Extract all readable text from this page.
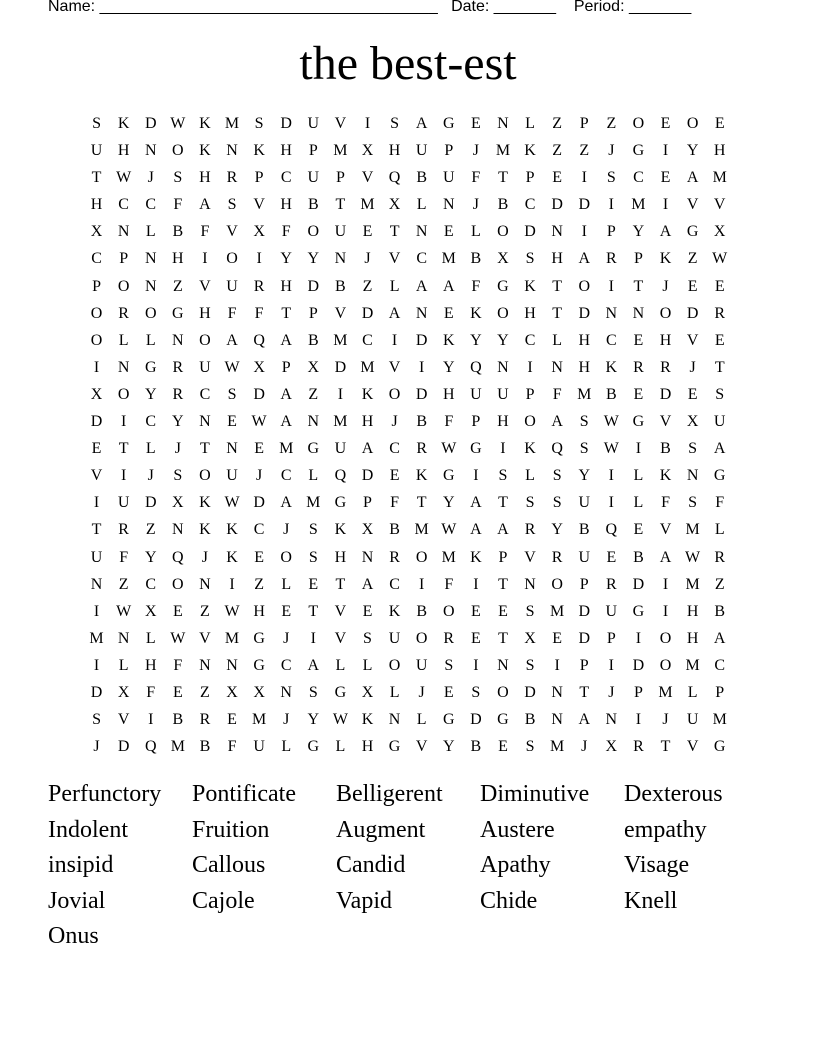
Name: ______________________________________ Date: _______ Period: _______
the best-est
S	K D W K M S	D U V	I	S	A G	E	N	L	Z	P	Z	O	E	O	E
U H N O K N K H	P M X H U	P	J	M K	Z	Z	J	G	I	Y H
T W	J	S	H R	P	C U	P	V Q B U	F	T	P	E	I	S	C	E	A M
H C	C	F	A	S	V H B	T M X	L	N	J	B	C D D	I	M	I	V V
X N	L	B	F	V X	F	O U	E	T	N	E	L	O D N	I	P	Y A G X
C	P	N H	I	O	I	Y Y N	J	V C M B X	S	H A R	P	K	Z W
P	O N	Z	V U R H D B	Z	L	A A	F	G K	T	O	I	T	J	E	E
O R O G H	F	F	T	P	V D A N	E	K O H	T	D N N O D R
O	L	L	N O A Q A B M C	I	D K Y Y C	L	H C	E	H V	E
I	N G R U W X	P	X D M V	I	Y Q N	I	N H K R	R	J	T
X O Y R	C	S	D A	Z	I	K O D H U U	P	F M B	E	D	E	S
D	I	C Y N	E W A N M H	J	B	F	P	H O A	S W G V X U
E	T	L	J	T	N	E M G U A C	R W G	I	K Q	S W	I	B	S	A
V	I	J	S	O U	J	C	L	Q D	E	K G	I	S	L	S	Y	I	L	K N G
I	U D X K W D A M G	P	F	T	Y A	T	S	S	U	I	L	F	S	F
T	R	Z	N K K C	J	S	K X B M W A A R Y B Q	E	V M L
U	F	Y Q	J	K	E	O	S	H N R O M K	P	V R U	E	B A W R
N	Z	C O N	I	Z	L	E	T	A C	I	F	I	T	N O	P	R D	I	M Z
I	W X	E	Z W H	E	T	V	E	K B O	E	E	S M D U G	I	H B
M N	L W V M G	J	I	V	S	U O R	E	T	X	E	D	P	I	O H A
I	L	H	F	N N G C A	L	L	O U	S	I	N	S	I	P	I	D O M C
D X	F	E	Z	X X N	S	G X	L	J	E	S	O D N	T	J	P M L	P
S	V	I	B	R	E M	J	Y W K N	L	G D G B N A N	I	J	U M
J	D Q M B	F	U	L	G	L	H G V Y B	E	S M	J	X R	T	V G
Perfunctory	Pontificate	Belligerent	Diminutive	Dexterous
Indolent	Fruition	Augment	Austere	empathy
insipid	Callous	Candid	Apathy	Visage
Jovial	Cajole	Vapid	Chide	Knell
Onus
